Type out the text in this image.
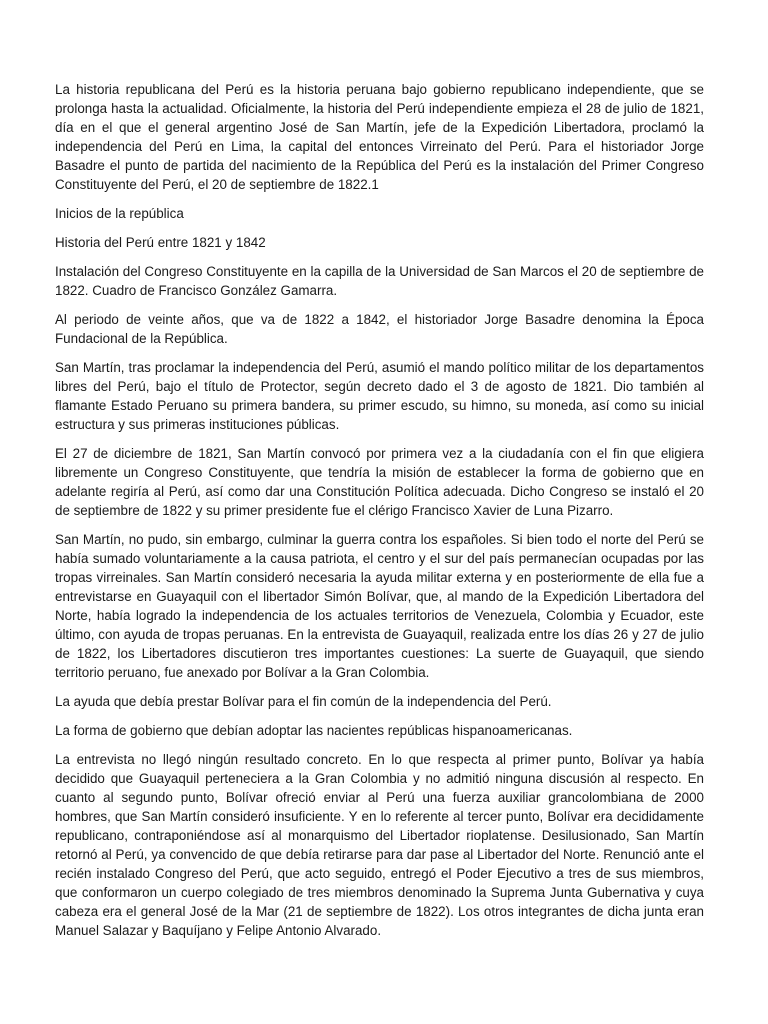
La historia republicana del Perú es la historia peruana bajo gobierno republicano independiente, que se prolonga hasta la actualidad. Oficialmente, la historia del Perú independiente empieza el 28 de julio de 1821, día en el que el general argentino José de San Martín, jefe de la Expedición Libertadora, proclamó la independencia del Perú en Lima, la capital del entonces Virreinato del Perú. Para el historiador Jorge Basadre el punto de partida del nacimiento de la República del Perú es la instalación del Primer Congreso Constituyente del Perú, el 20 de septiembre de 1822.1

Inicios de la república

Historia del Perú entre 1821 y 1842

Instalación del Congreso Constituyente en la capilla de la Universidad de San Marcos el 20 de septiembre de 1822. Cuadro de Francisco González Gamarra.

Al periodo de veinte años, que va de 1822 a 1842, el historiador Jorge Basadre denomina la Época Fundacional de la República.

San Martín, tras proclamar la independencia del Perú, asumió el mando político militar de los departamentos libres del Perú, bajo el título de Protector, según decreto dado el 3 de agosto de 1821. Dio también al flamante Estado Peruano su primera bandera, su primer escudo, su himno, su moneda, así como su inicial estructura y sus primeras instituciones públicas.

El 27 de diciembre de 1821, San Martín convocó por primera vez a la ciudadanía con el fin que eligiera libremente un Congreso Constituyente, que tendría la misión de establecer la forma de gobierno que en adelante regiría al Perú, así como dar una Constitución Política adecuada. Dicho Congreso se instaló el 20 de septiembre de 1822 y su primer presidente fue el clérigo Francisco Xavier de Luna Pizarro.

San Martín, no pudo, sin embargo, culminar la guerra contra los españoles. Si bien todo el norte del Perú se había sumado voluntariamente a la causa patriota, el centro y el sur del país permanecían ocupadas por las tropas virreinales. San Martín consideró necesaria la ayuda militar externa y en posteriormente de ella fue a entrevistarse en Guayaquil con el libertador Simón Bolívar, que, al mando de la Expedición Libertadora del Norte, había logrado la independencia de los actuales territorios de Venezuela, Colombia y Ecuador, este último, con ayuda de tropas peruanas. En la entrevista de Guayaquil, realizada entre los días 26 y 27 de julio de 1822, los Libertadores discutieron tres importantes cuestiones: La suerte de Guayaquil, que siendo territorio peruano, fue anexado por Bolívar a la Gran Colombia.

La ayuda que debía prestar Bolívar para el fin común de la independencia del Perú.

La forma de gobierno que debían adoptar las nacientes repúblicas hispanoamericanas.

La entrevista no llegó ningún resultado concreto. En lo que respecta al primer punto, Bolívar ya había decidido que Guayaquil perteneciera a la Gran Colombia y no admitió ninguna discusión al respecto. En cuanto al segundo punto, Bolívar ofreció enviar al Perú una fuerza auxiliar grancolombiana de 2000 hombres, que San Martín consideró insuficiente. Y en lo referente al tercer punto, Bolívar era decididamente republicano, contraponiéndose así al monarquismo del Libertador rioplatense. Desilusionado, San Martín retornó al Perú, ya convencido de que debía retirarse para dar pase al Libertador del Norte. Renunció ante el recién instalado Congreso del Perú, que acto seguido, entregó el Poder Ejecutivo a tres de sus miembros, que conformaron un cuerpo colegiado de tres miembros denominado la Suprema Junta Gubernativa y cuya cabeza era el general José de la Mar (21 de septiembre de 1822). Los otros integrantes de dicha junta eran Manuel Salazar y Baquíjano y Felipe Antonio Alvarado.
